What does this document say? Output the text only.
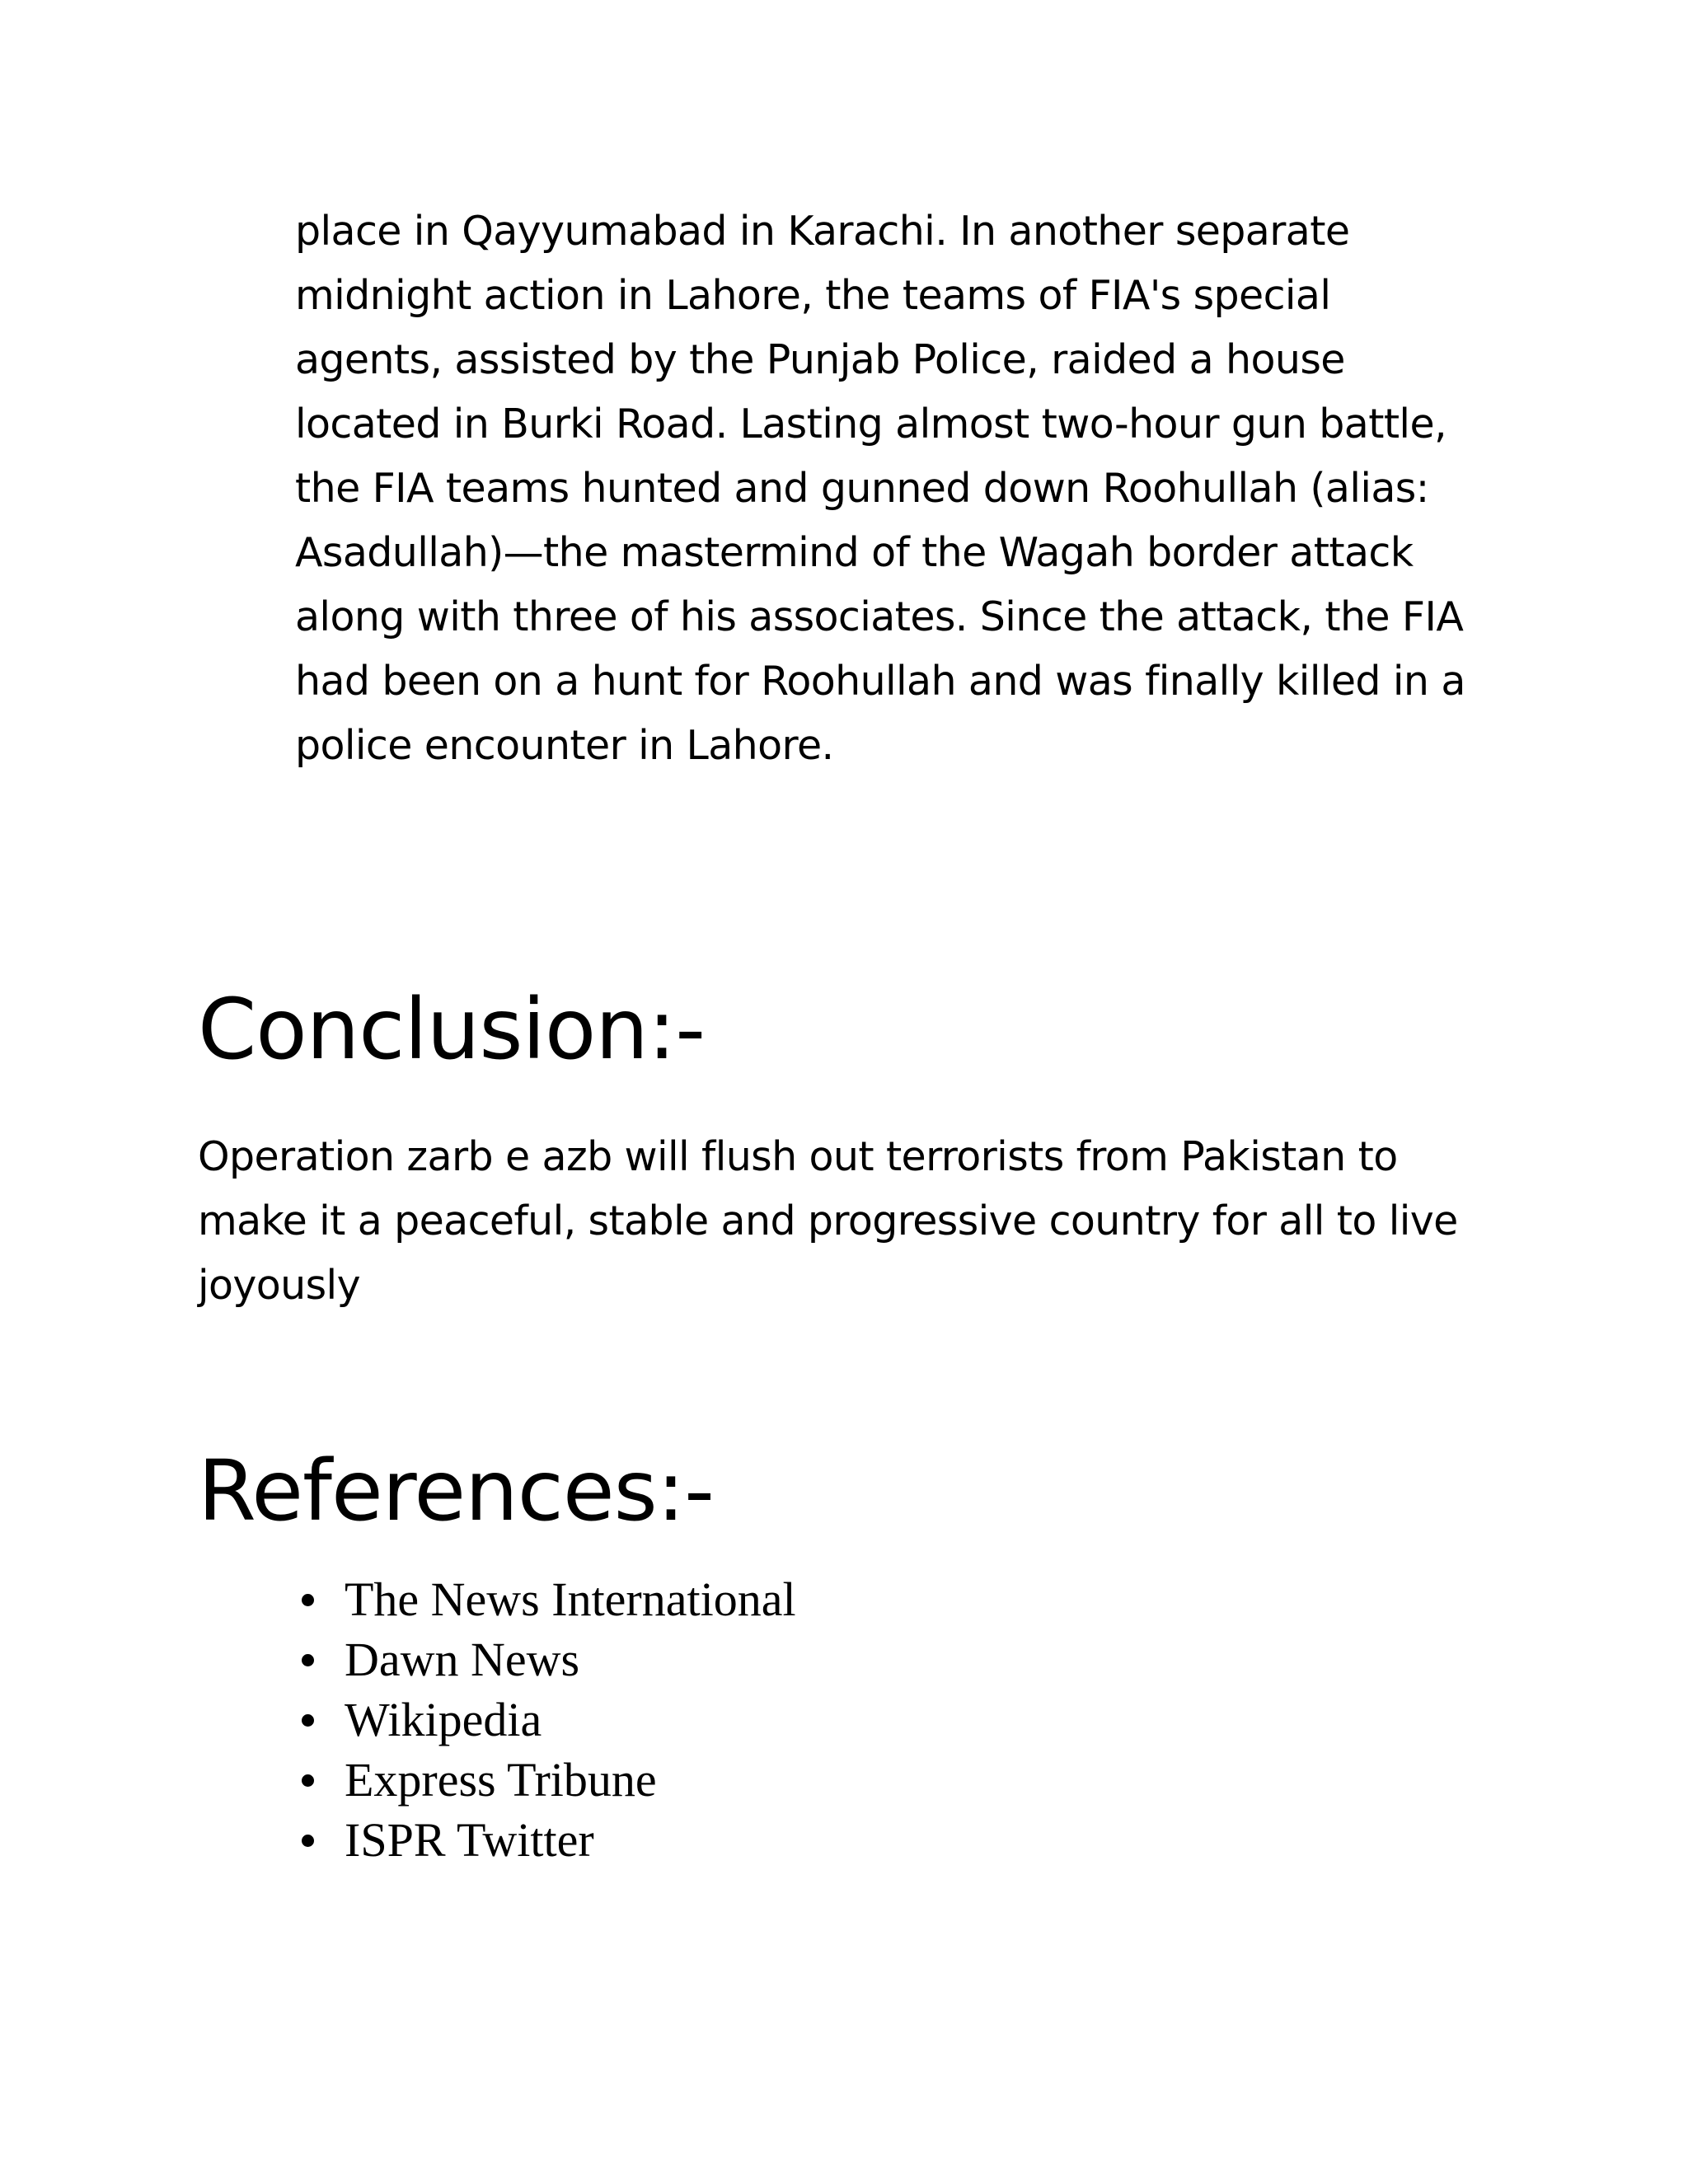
place in Qayyumabad in Karachi. In another separate
midnight action in Lahore, the teams of FIA's special
agents, assisted by the Punjab Police, raided a house
located in Burki Road. Lasting almost two-hour gun battle,
the FIA teams hunted and gunned down Roohullah (alias:
Asadullah)—the mastermind of the Wagah border attack
along with three of his associates. Since the attack, the FIA
had been on a hunt for Roohullah and was finally killed in a
police encounter in Lahore.

Conclusion:-

Operation zarb e azb will flush out terrorists from Pakistan to
make it a peaceful, stable and progressive country for all to live
joyously

References:-
The News International
Dawn News
Wikipedia
Express Tribune
ISPR Twitter
